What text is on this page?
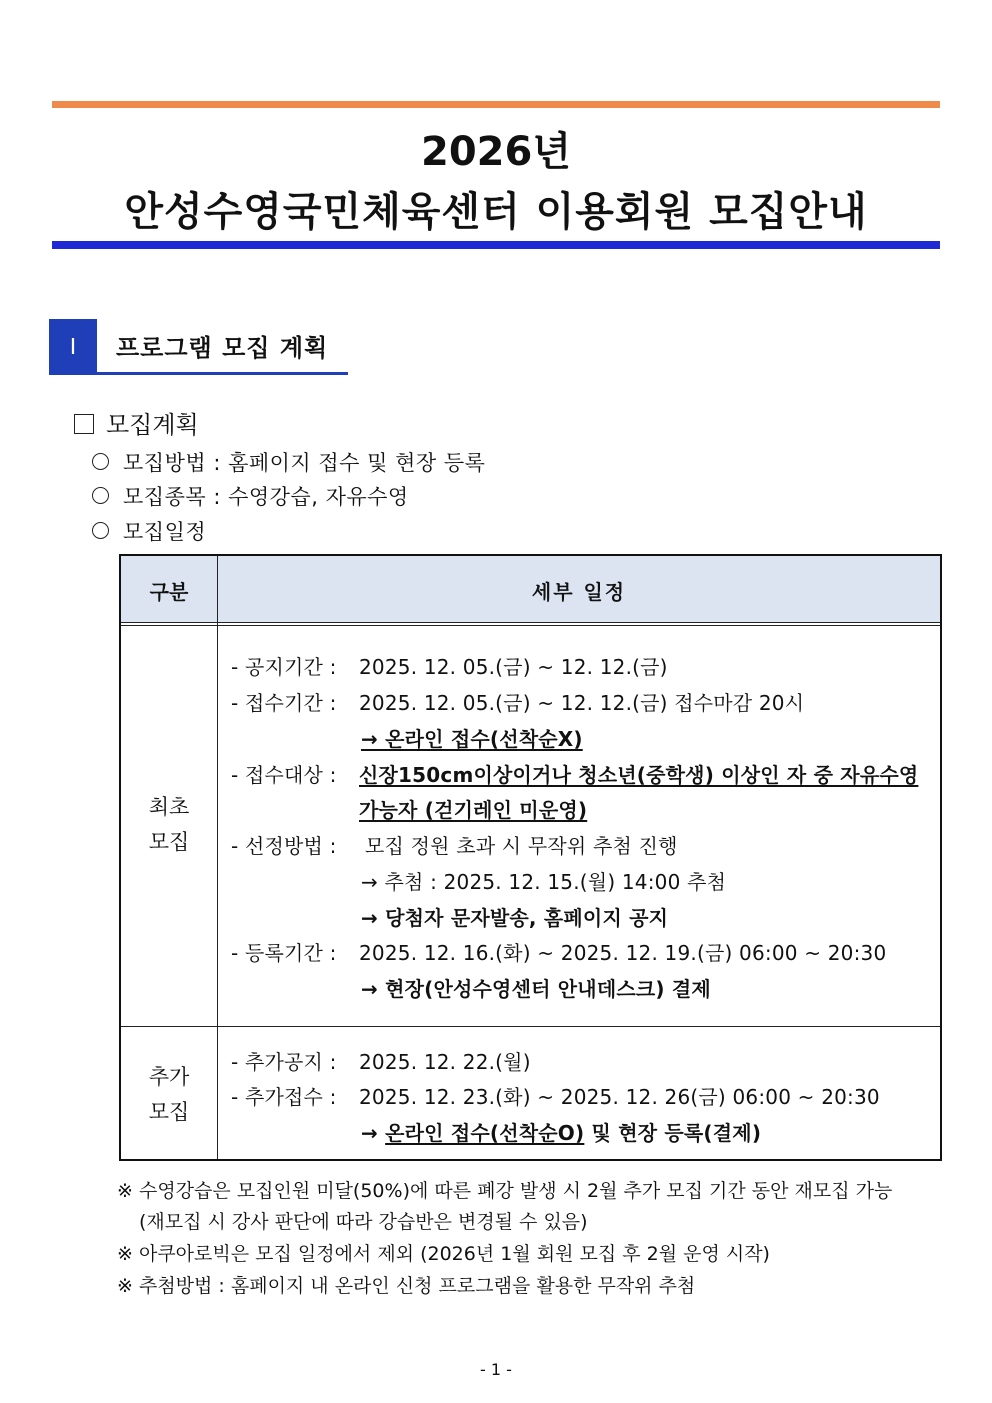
2026년
안성수영국민체육센터 이용회원 모집안내
Ⅰ	프로그램 모집 계획
모집계획
모집방법 : 홈페이지 접수 및 현장 등록
모집종목 : 수영강습, 자유수영
모집일정
구분	세부 일정
최초
모집
- 공지기간 : 2025. 12. 05.(금) ~ 12. 12.(금)
- 접수기간 : 2025. 12. 05.(금) ~ 12. 12.(금) 접수마감 20시
→ 온라인 접수(선착순X)
- 접수대상 : 신장150cm이상이거나 청소년(중학생) 이상인 자 중 자유수영
가능자 (걷기레인 미운영)
- 선정방법 : 모집 정원 초과 시 무작위 추첨 진행
→ 추첨 : 2025. 12. 15.(월) 14:00 추첨
→ 당첨자 문자발송, 홈페이지 공지
- 등록기간 : 2025. 12. 16.(화) ~ 2025. 12. 19.(금) 06:00 ~ 20:30
→ 현장(안성수영센터 안내데스크) 결제
추가
모집
- 추가공지 : 2025. 12. 22.(월)
- 추가접수 : 2025. 12. 23.(화) ~ 2025. 12. 26(금) 06:00 ~ 20:30
→ 온라인 접수(선착순O) 및 현장 등록(결제)
※ 수영강습은 모집인원 미달(50%)에 따른 폐강 발생 시 2월 추가 모집 기간 동안 재모집 가능
(재모집 시 강사 판단에 따라 강습반은 변경될 수 있음)
※ 아쿠아로빅은 모집 일정에서 제외 (2026년 1월 회원 모집 후 2월 운영 시작)
※ 추첨방법 : 홈페이지 내 온라인 신청 프로그램을 활용한 무작위 추첨
- 1 -
